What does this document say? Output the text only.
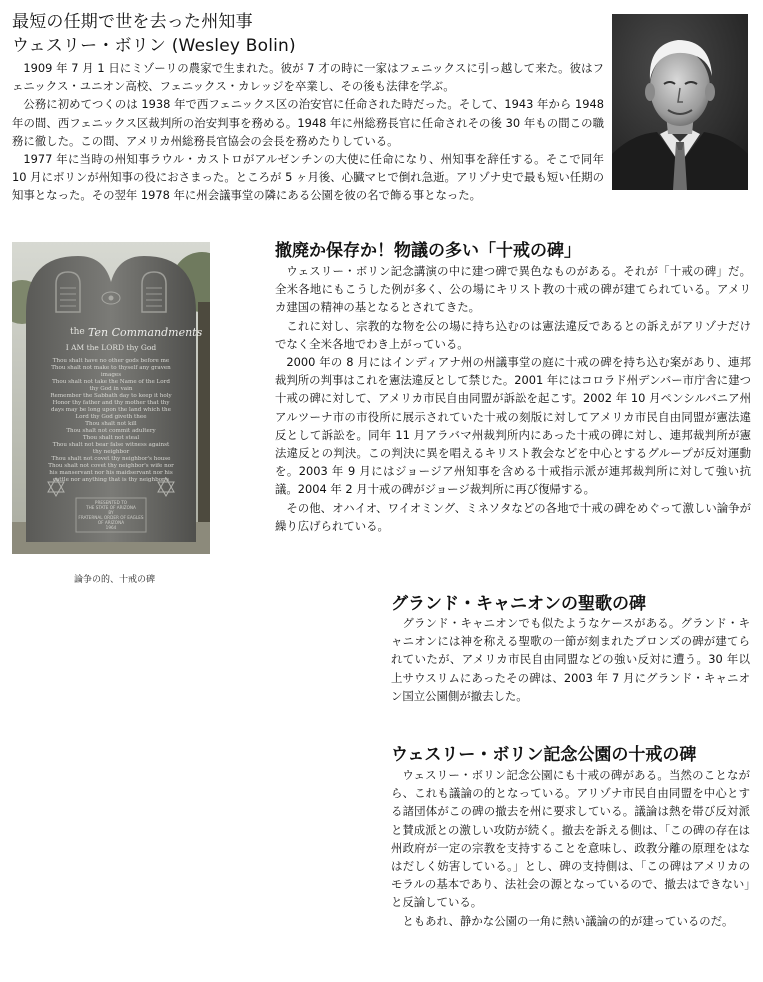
最短の任期で世を去った州知事
ウェスリー・ボリン (Wesley Bolin)

1909 年 7 月 1 日にミゾーリの農家で生まれた。彼が 7 才の時に一家はフェニックスに引っ越して来た。彼はフェニックス・ユニオン高校、フェニックス・カレッジを卒業し、その後も法律を学ぶ。

公務に初めてつくのは 1938 年で西フェニックス区の治安官に任命された時だった。そして、1943 年から 1948 年の間、西フェニックス区裁判所の治安判事を務める。1948 年に州総務長官に任命されその後 30 年もの間この職務に徹した。この間、アメリカ州総務長官協会の会長を務めたりしている。

1977 年に当時の州知事ラウル・カストロがアルゼンチンの大使に任命になり、州知事を辞任する。そこで同年 10 月にボリンが州知事の役におさまった。ところが 5 ヶ月後、心臓マヒで倒れ急逝。アリゾナ史で最も短い任期の知事となった。その翌年 1978 年に州会議事堂の隣にある公園を彼の名で飾る事となった。

the Ten Commandments
I AM the LORD thy God
Thou shalt have no other gods before me
Thou shalt not make to thyself any graven
images
Thou shalt not take the Name of the Lord
thy God in vain
Remember the Sabbath day to keep it holy
Honor thy father and thy mother that thy
days may be long upon the land which the
Lord thy God giveth thee
Thou shalt not kill
Thou shalt not commit adultery
Thou shalt not steal
Thou shalt not bear false witness against
thy neighbor
Thou shalt not covet thy neighbor's house
Thou shalt not covet thy neighbor's wife nor
his manservant nor his maidservant nor his
cattle nor anything that is thy neighbor's
PRESENTED TO
THE STATE OF ARIZONA
BY
FRATERNAL ORDER OF EAGLES
OF ARIZONA
1964
論争の的、十戒の碑
撤廃か保存か！物議の多い「十戒の碑」

ウェスリー・ボリン記念講演の中に建つ碑で異色なものがある。それが「十戒の碑」だ。全米各地にもこうした例が多く、公の場にキリスト教の十戒の碑が建てられている。アメリカ建国の精神の基となるとされてきた。

これに対し、宗教的な物を公の場に持ち込むのは憲法違反であるとの訴えがアリゾナだけでなく全米各地でわき上がっている。

2000 年の 8 月にはインディアナ州の州議事堂の庭に十戒の碑を持ち込む案があり、連邦裁判所の判事はこれを憲法違反として禁じた。2001 年にはコロラド州デンバー市庁舎に建つ十戒の碑に対して、アメリカ市民自由同盟が訴訟を起こす。2002 年 10 月ペンシルバニア州アルツーナ市の市役所に展示されていた十戒の刻版に対してアメリカ市民自由同盟が憲法違反として訴訟を。同年 11 月アラバマ州裁判所内にあった十戒の碑に対し、連邦裁判所が憲法違反との判決。この判決に異を唱えるキリスト教会などを中心とするグループが反対運動を。2003 年 9 月にはジョージア州知事を含める十戒指示派が連邦裁判所に対して強い抗議。2004 年 2 月十戒の碑がジョージ裁判所に再び復帰する。

その他、オハイオ、ワイオミング、ミネソタなどの各地で十戒の碑をめぐって激しい論争が繰り広げられている。

グランド・キャニオンの聖歌の碑

グランド・キャニオンでも似たようなケースがある。グランド・キャニオンには神を称える聖歌の一節が刻まれたブロンズの碑が建てられていたが、アメリカ市民自由同盟などの強い反対に遭う。30 年以上サウスリムにあったその碑は、2003 年 7 月にグランド・キャニオン国立公園側が撤去した。

ウェスリー・ボリン記念公園の十戒の碑

ウェスリー・ボリン記念公園にも十戒の碑がある。当然のことながら、これも議論の的となっている。アリゾナ市民自由同盟を中心とする諸団体がこの碑の撤去を州に要求している。議論は熱を帯び反対派と賛成派との激しい攻防が続く。撤去を訴える側は、「この碑の存在は州政府が一定の宗教を支持することを意味し、政教分離の原理をはなはだしく妨害している。」とし、碑の支持側は、「この碑はアメリカのモラルの基本であり、法社会の源となっているので、撤去はできない」と反論している。

ともあれ、静かな公園の一角に熱い議論の的が建っているのだ。
